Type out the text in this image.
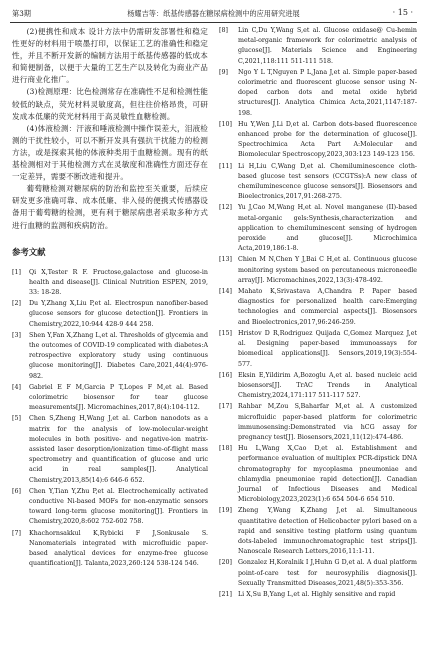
第3期	杨耀吉等：纸基传感器在糖尿病检测中的应用研究进展	· 15 ·

(2)便携性和成本 设计方法中仍需研发部署性和稳定性更好的材料用于喷墨打印，以保证工艺的准确性和稳定性，并且不断开发新的编制方法用于纸基传感器的低成本和简便制备，以便于大量的工艺生产以及转化为商业产品进行商业化推广。

(3)检测原理：比色检测常存在准确性不足和检测性能较低的缺点，荧光材料灵敏度高，但往往价格昂贵，可研发成本低廉的荧光材料用于高灵敏性血糖检测。

(4)体液检测：汗液和唾液检测中操作误差大，泪液检测的干扰性较小，可以不断开发具有强抗干扰能力的检测方法，或是探索其他的体液种类用于血糖检测。现有的纸基检测相对于其他检测方式在灵敏度和准确性方面还存在一定差异，需要不断改进和提升。

葡萄糖检测对糖尿病的防治和监控至关重要，后续应研发更多准确可靠、成本低廉、非入侵的便携式传感器设备用于葡萄糖的检测，更有利于糖尿病患者采取多种方式进行血糖的监测和疾病防治。

参考文献
[1]	Qi X,Tester R F. Fructose,galactose and glucose-in health and disease[J]. Clinical Nutrition ESPEN, 2019, 33: 18-28.
[2]	Du Y,Zhang X,Liu P,et al. Electrospun nanofiber-based glucose sensors for glucose detection[J]. Frontiers in Chemistry,2022,10:944 428-9 444 258.
[3]	Shen Y,Fan X,Zhang L,et al. Thresholds of glycemia and the outcomes of COVID-19 complicated with diabetes:A retrospective exploratory study using continuous glucose monitoring[J]. Diabetes Care,2021,44(4):976-982.
[4]	Gabriel E F M,Garcia P T,Lopes F M,et al. Based colorimetric biosensor for tear glucose measurements[J]. Micromachines,2017,8(4):104-112.
[5]	Chen S,Zheng H,Wang J,et al. Carbon nanodots as a matrix for the analysis of low-molecular-weight molecules in both positive- and negative-ion matrix-assisted laser desorption/ionization time-of-flight mass spectrometry and quantification of glucose and uric acid in real samples[J]. Analytical Chemistry,2013,85(14):6 646-6 652.
[6]	Chen Y,Tian Y,Zhu P,et al. Electrochemically activated conductive Ni-based MOFs for non-enzymatic sensors toward long-term glucose monitoring[J]. Frontiers in Chemistry,2020,8:602 752-602 758.
[7]	Khachornsakkul K,Rybicki F J,Sonkusale S. Nanomaterials integrated with microfluidic paper-based analytical devices for enzyme-free glucose quantification[J]. Talanta,2023,260:124 538-124 546.
[8]	Lin C,Du Y,Wang S,et al. Glucose oxidase@ Cu-hemin metal-organic framework for colorimetric analysis of glucose[J]. Materials Science and Engineering C,2021,118:111 511-111 518.
[9]	Ngo Y L T,Nguyen P L,Jana J,et al. Simple paper-based colorimetric and fluorescent glucose sensor using N-doped carbon dots and metal oxide hybrid structures[J]. Analytica Chimica Acta,2021,1147:187-198.
[10] Hu Y,Wen J,Li D,et al. Carbon dots-based fluorescence enhanced probe for the determination of glucose[J]. Spectrochimica Acta Part A:Molecular and Biomolecular Spectroscopy,2023,303:123 149-123 156.
[11] Li H,Liu C,Wang D,et al. Chemiluminescence cloth-based glucose test sensors (CCGTSs):A new class of chemiluminescence glucose sensors[J]. Biosensors and Bioelectronics,2017,91:268-275.
[12] Yu J,Cao M,Wang H,et al. Novel manganese (II)-based metal-organic gels:Synthesis,characterization and application to chemiluminescent sensing of hydrogen peroxide and glucose[J]. Microchimica Acta,2019,186:1-8.
[13] Chien M N,Chen Y J,Bai C H,et al. Continuous glucose monitoring system based on percutaneous microneedle array[J]. Micromachines,2022,13(3):478-492.
[14] Mahato K,Srivastava A,Chandra P. Paper based diagnostics for personalized health care:Emerging technologies and commercial aspects[J]. Biosensors and Bioelectronics,2017,96:246-259.
[15] Hristov D R,Rodriguez Quijada C,Gomez Marquez J,et al. Designing paper-based immunoassays for biomedical applications[J]. Sensors,2019,19(3):554-577.
[16] Eksin E,Yildirim A,Bozoglu A,et al. based nucleic acid biosensors[J]. TrAC Trends in Analytical Chemistry,2024,171:117 511-117 527.
[17] Rahbar M,Zou S,Baharfar M,et al. A customized microfluidic paper-based platform for colorimetric immunosensing:Demonstrated via hCG assay for pregnancy test[J]. Biosensors,2021,11(12):474-486.
[18] Hu L,Wang X,Cao D,et al. Establishment and performance evaluation of multiplex PCR-dipstick DNA chromatography for mycoplasma pneumoniae and chlamydia pneumoniae rapid detection[J]. Canadian Journal of Infectious Diseases and Medical Microbiology,2023,2023(1):6 654 504-6 654 510.
[19] Zheng Y,Wang K,Zhang J,et al. Simultaneous quantitative detection of Helicobacter pylori based on a rapid and sensitive testing platform using quantum dots-labeled immunochromatographic test strips[J]. Nanoscale Research Letters,2016,11:1-11.
[20] Gonzalez H,Koralnik I J,Huhn G D,et al. A dual platform point-of-care test for neurosyphilis diagnosis[J]. Sexually Transmitted Diseases,2021,48(5):353-356.
[21] Li X,Su B,Yang L,et al. Highly sensitive and rapid
